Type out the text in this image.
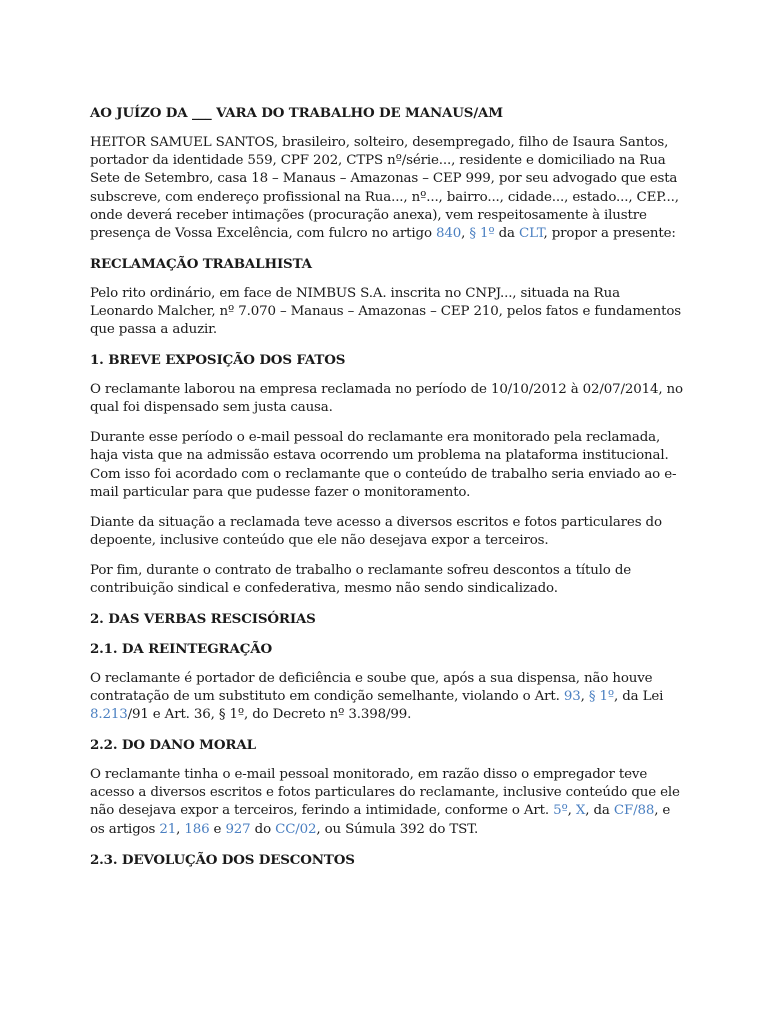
AO JUÍZO DA ___ VARA DO TRABALHO DE MANAUS/AM

HEITOR SAMUEL SANTOS, brasileiro, solteiro, desempregado, filho de Isaura Santos, portador da identidade 559, CPF 202, CTPS nº/série..., residente e domiciliado na Rua Sete de Setembro, casa 18 – Manaus – Amazonas – CEP 999, por seu advogado que esta subscreve, com endereço profissional na Rua..., nº..., bairro..., cidade..., estado..., CEP..., onde deverá receber intimações (procuração anexa), vem respeitosamente à ilustre presença de Vossa Excelência, com fulcro no artigo 840, § 1º da CLT, propor a presente:

RECLAMAÇÃO TRABALHISTA

Pelo rito ordinário, em face de NIMBUS S.A. inscrita no CNPJ..., situada na Rua Leonardo Malcher, nº 7.070 – Manaus – Amazonas – CEP 210, pelos fatos e fundamentos que passa a aduzir.

1. BREVE EXPOSIÇÃO DOS FATOS

O reclamante laborou na empresa reclamada no período de 10/10/2012 à 02/07/2014, no qual foi dispensado sem justa causa.

Durante esse período o e-mail pessoal do reclamante era monitorado pela reclamada, haja vista que na admissão estava ocorrendo um problema na plataforma institucional. Com isso foi acordado com o reclamante que o conteúdo de trabalho seria enviado ao e-mail particular para que pudesse fazer o monitoramento.

Diante da situação a reclamada teve acesso a diversos escritos e fotos particulares do depoente, inclusive conteúdo que ele não desejava expor a terceiros.

Por fim, durante o contrato de trabalho o reclamante sofreu descontos a título de contribuição sindical e confederativa, mesmo não sendo sindicalizado.

2. DAS VERBAS RESCISÓRIAS
2.1. DA REINTEGRAÇÃO

O reclamante é portador de deficiência e soube que, após a sua dispensa, não houve contratação de um substituto em condição semelhante, violando o Art. 93, § 1º, da Lei 8.213/91 e Art. 36, § 1º, do Decreto nº 3.398/99.

2.2. DO DANO MORAL

O reclamante tinha o e-mail pessoal monitorado, em razão disso o empregador teve acesso a diversos escritos e fotos particulares do reclamante, inclusive conteúdo que ele não desejava expor a terceiros, ferindo a intimidade, conforme o Art. 5º, X, da CF/88, e os artigos 21, 186 e 927 do CC/02, ou Súmula 392 do TST.

2.3. DEVOLUÇÃO DOS DESCONTOS
